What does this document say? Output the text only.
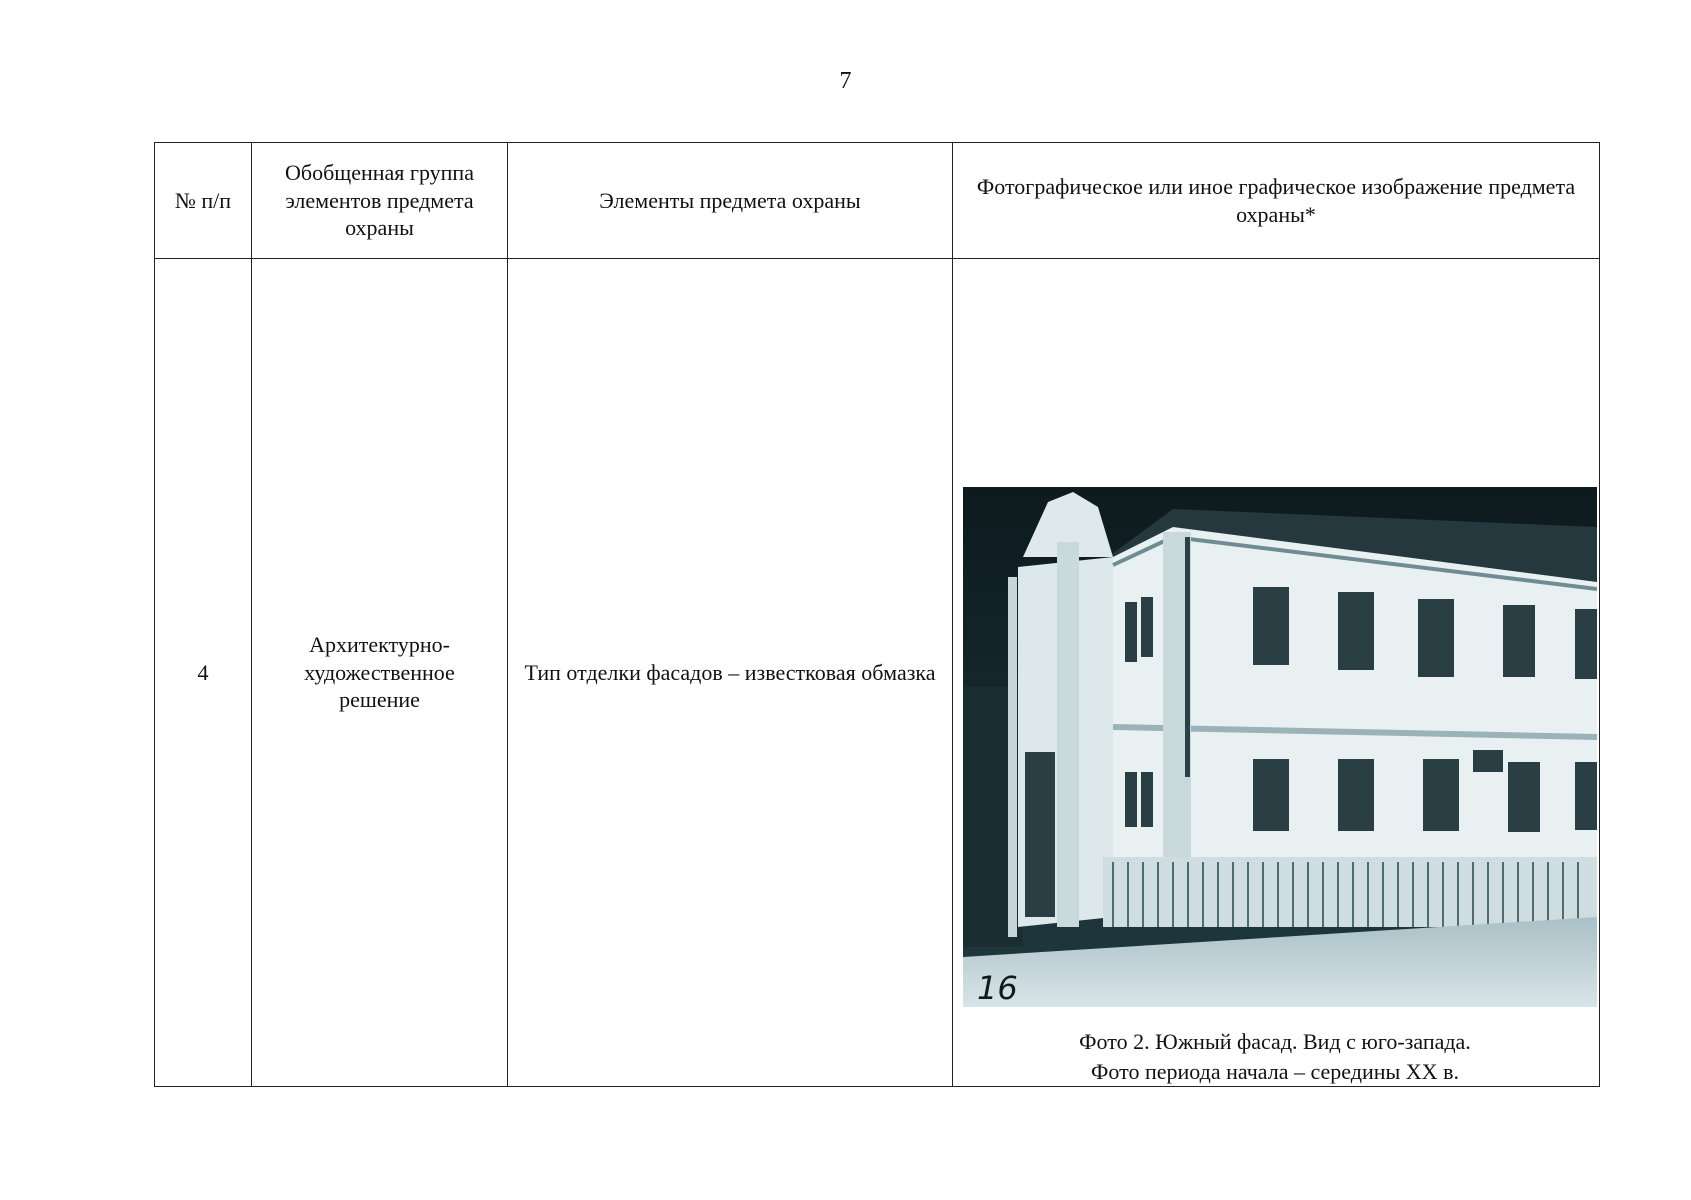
7
№ п/п	Обобщенная группа элементов предмета охраны	Элементы предмета охраны	Фотографическое или иное графическое изображение предмета охраны*
4	Архитектурно-художественное решение	Тип отделки фасадов – известковая обмазка	16
Фото 2. Южный фасад. Вид с юго-запада.
Фото периода начала – середины XX в.
